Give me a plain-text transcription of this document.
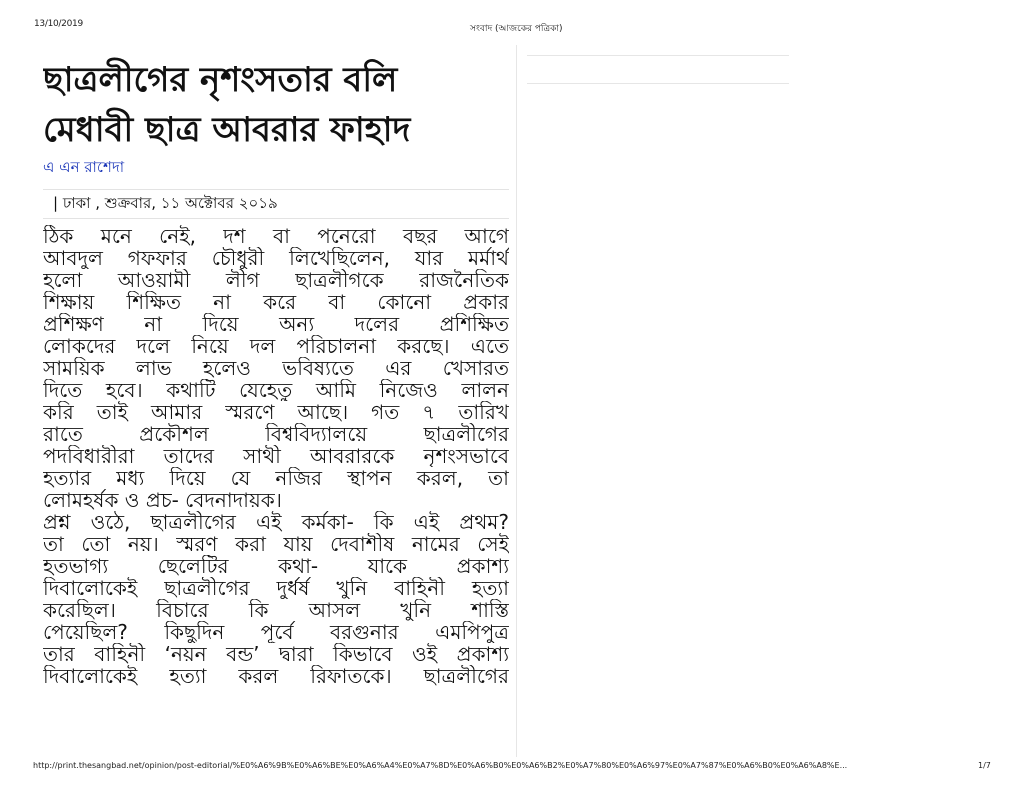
13/10/2019	সংবাদ (আজকের পত্রিকা)
ছাত্রলীগের নৃশংসতার বলি
মেধাবী ছাত্র আবরার ফাহাদ
এ এন রাশেদা
| ঢাকা , শুক্রবার, ১১ অক্টোবর ২০১৯
ঠিক মনে নেই, দশ বা পনেরো বছর আগে
আবদুল গফফার চৌধুরী লিখেছিলেন, যার মর্মার্থ
হলো আওয়ামী লীগ ছাত্রলীগকে রাজনৈতিক
শিক্ষায় শিক্ষিত না করে বা কোনো প্রকার
প্রশিক্ষণ না দিয়ে অন্য দলের প্রশিক্ষিত
লোকদের দলে নিয়ে দল পরিচালনা করছে। এতে
সাময়িক লাভ হলেও ভবিষ্যতে এর খেসারত
দিতে হবে। কথাটি যেহেতু আমি নিজেও লালন
করি তাই আমার স্মরণে আছে। গত ৭ তারিখ
রাতে প্রকৌশল বিশ্ববিদ্যালয়ে ছাত্রলীগের
পদবিধারীরা তাদের সাথী আবরারকে নৃশংসভাবে
হত্যার মধ্য দিয়ে যে নজির স্থাপন করল, তা
লোমহর্ষক ও প্রচ- বেদনাদায়ক।
প্রশ্ন ওঠে, ছাত্রলীগের এই কর্মকা- কি এই প্রথম?
তা তো নয়। স্মরণ করা যায় দেবাশীষ নামের সেই
হতভাগ্য ছেলেটির কথা- যাকে প্রকাশ্য
দিবালোকেই ছাত্রলীগের দুর্ধর্ষ খুনি বাহিনী হত্যা
করেছিল। বিচারে কি আসল খুনি শাস্তি
পেয়েছিল? কিছুদিন পূর্বে বরগুনার এমপিপুত্র
তার বাহিনী ‘নয়ন বন্ড’ দ্বারা কিভাবে ওই প্রকাশ্য
দিবালোকেই হত্যা করল রিফাতকে। ছাত্রলীগের
http://print.thesangbad.net/opinion/post-editorial/%E0%A6%9B%E0%A6%BE%E0%A6%A4%E0%A7%8D%E0%A6%B0%E0%A6%B2%E0%A7%80%E0%A6%97%E0%A7%87%E0%A6%B0%E0%A6%A8%E...	1/7
